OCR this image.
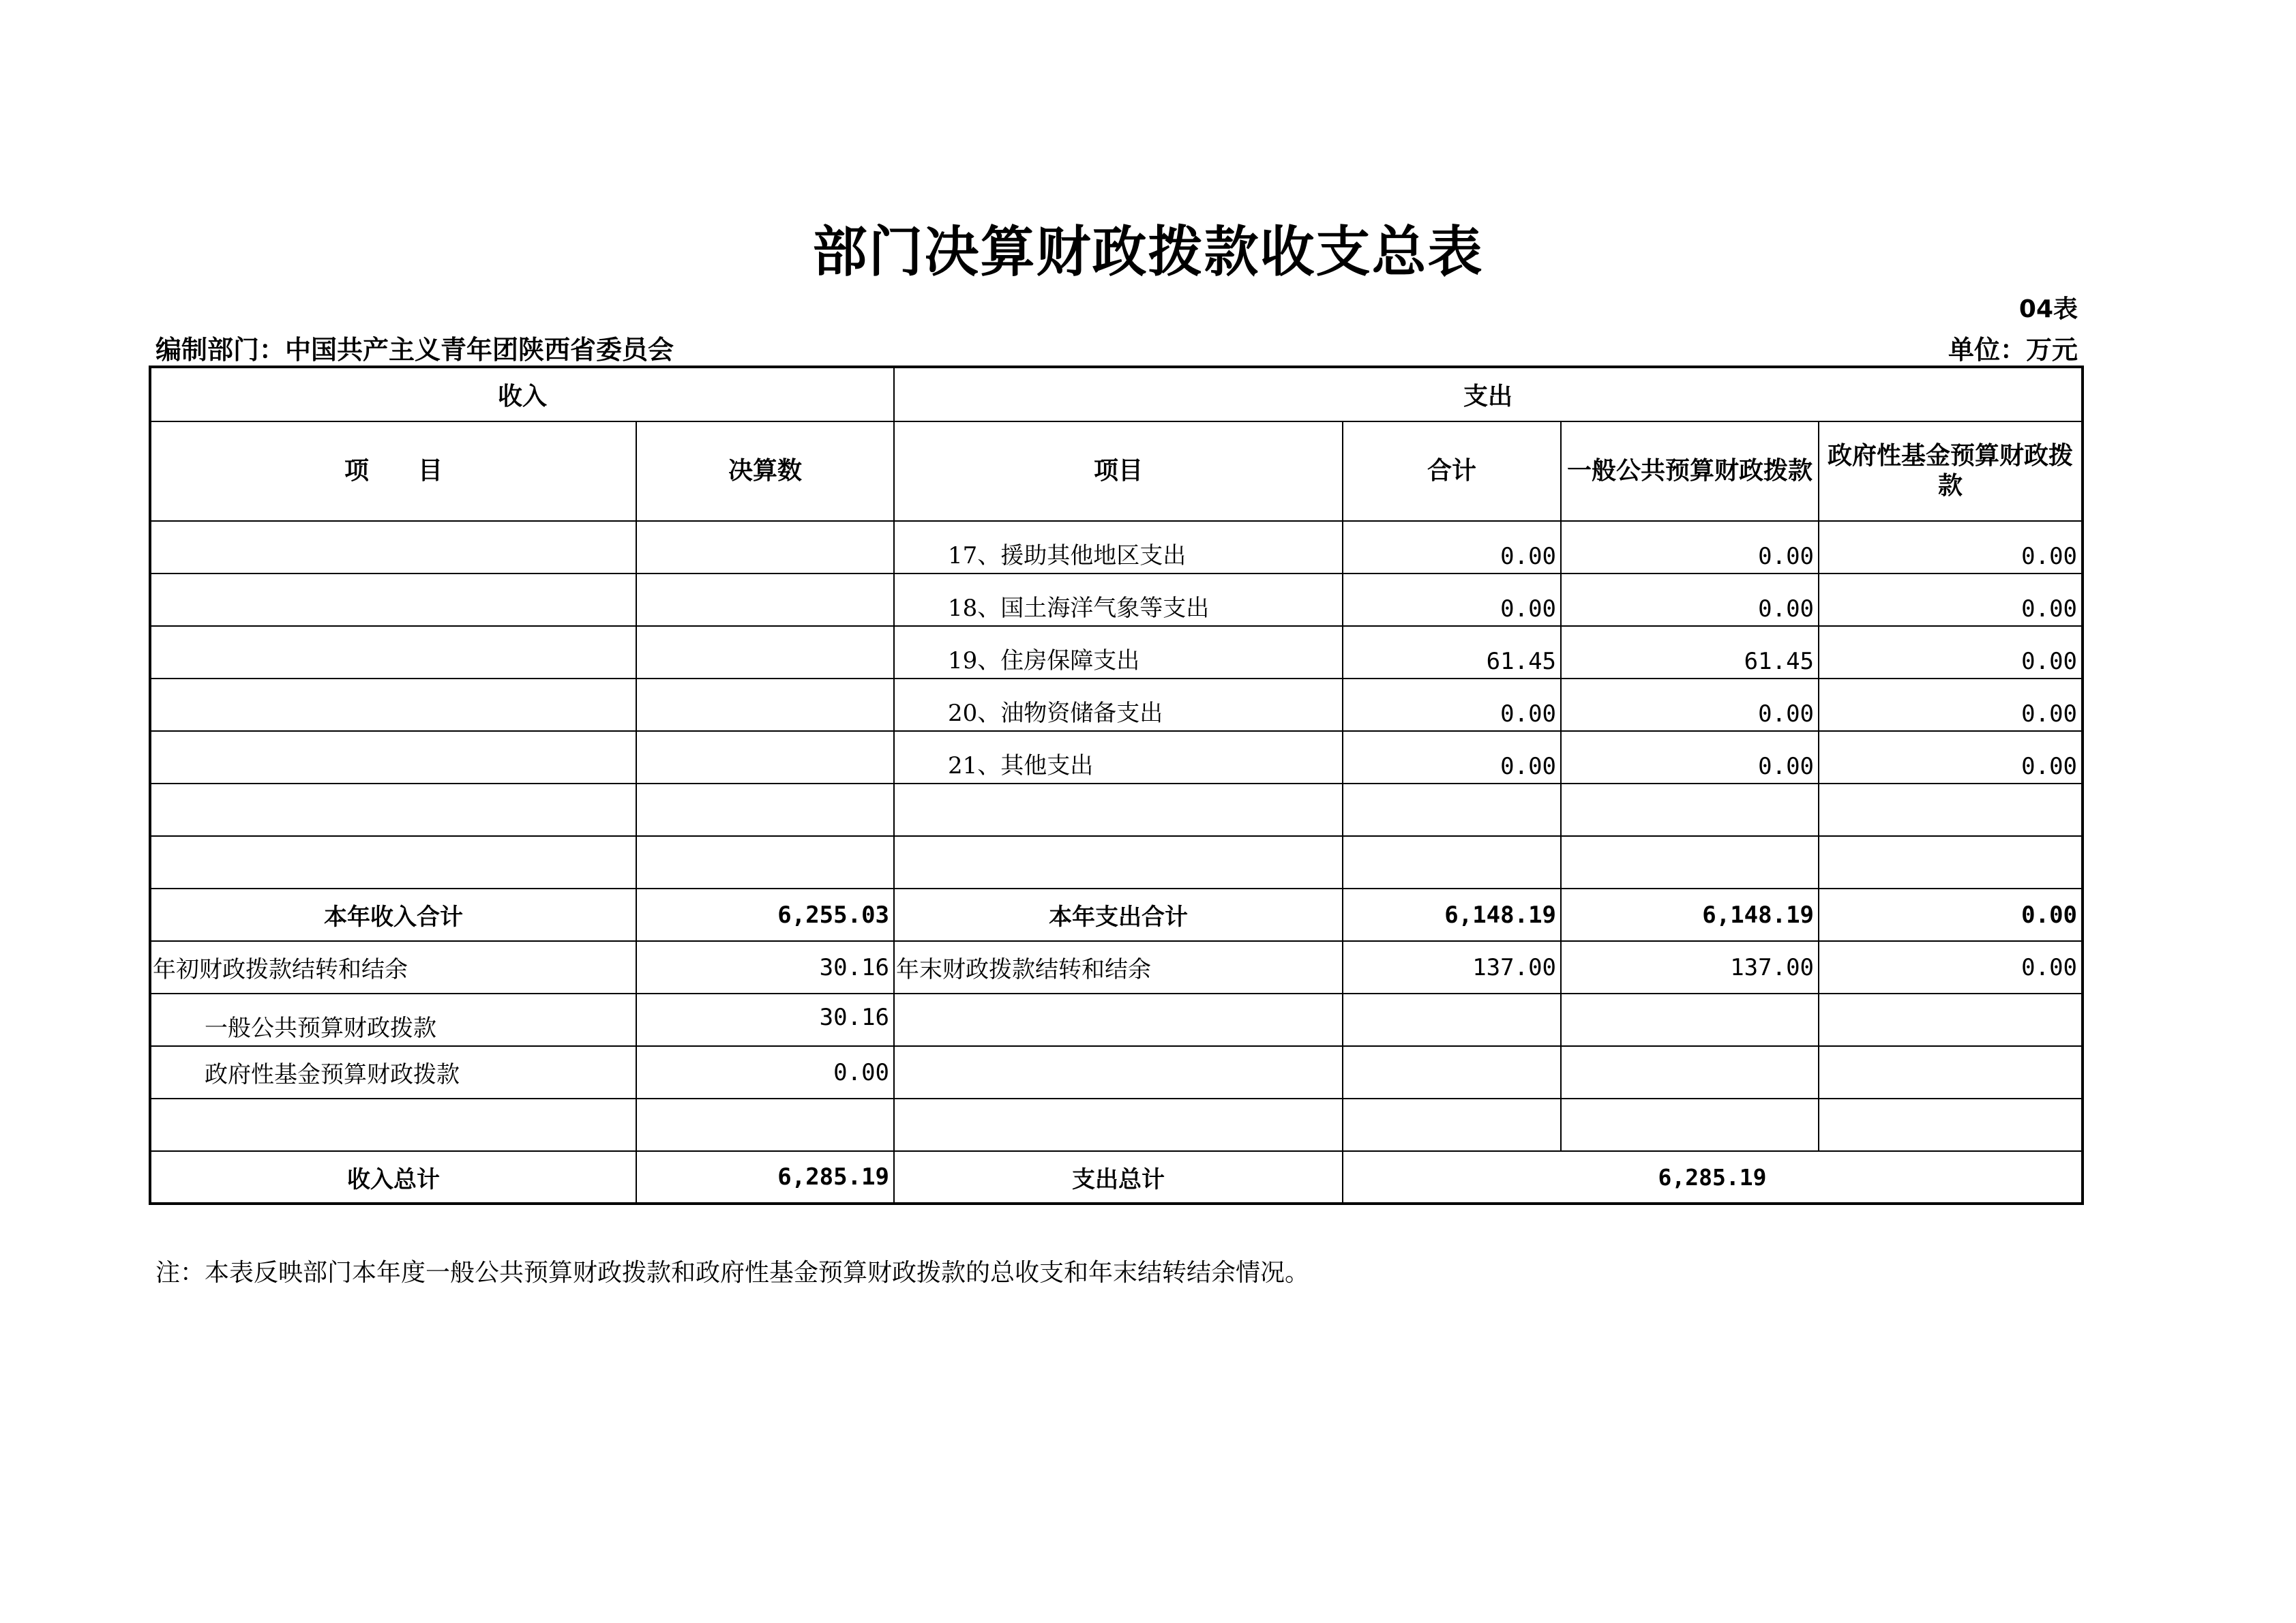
部门决算财政拨款收支总表
04表
编制部门：中国共产主义青年团陕西省委员会	单位：万元
收入		支出			
项　　目	决算数	项目	合计	一般公共预算财政拨款	政府性基金预算财政拨款
		17、援助其他地区支出	0.00	0.00	0.00
		18、国土海洋气象等支出	0.00	0.00	0.00
		19、住房保障支出	61.45	61.45	0.00
		20、油物资储备支出	0.00	0.00	0.00
		21、其他支出	0.00	0.00	0.00

本年收入合计	6,255.03	本年支出合计	6,148.19	6,148.19	0.00
年初财政拨款结转和结余	30.16	年末财政拨款结转和结余	137.00	137.00	0.00
一般公共预算财政拨款	30.16				
政府性基金预算财政拨款	0.00				

收入总计	6,285.19	支出总计	6,285.19		
注：本表反映部门本年度一般公共预算财政拨款和政府性基金预算财政拨款的总收支和年末结转结余情况。
